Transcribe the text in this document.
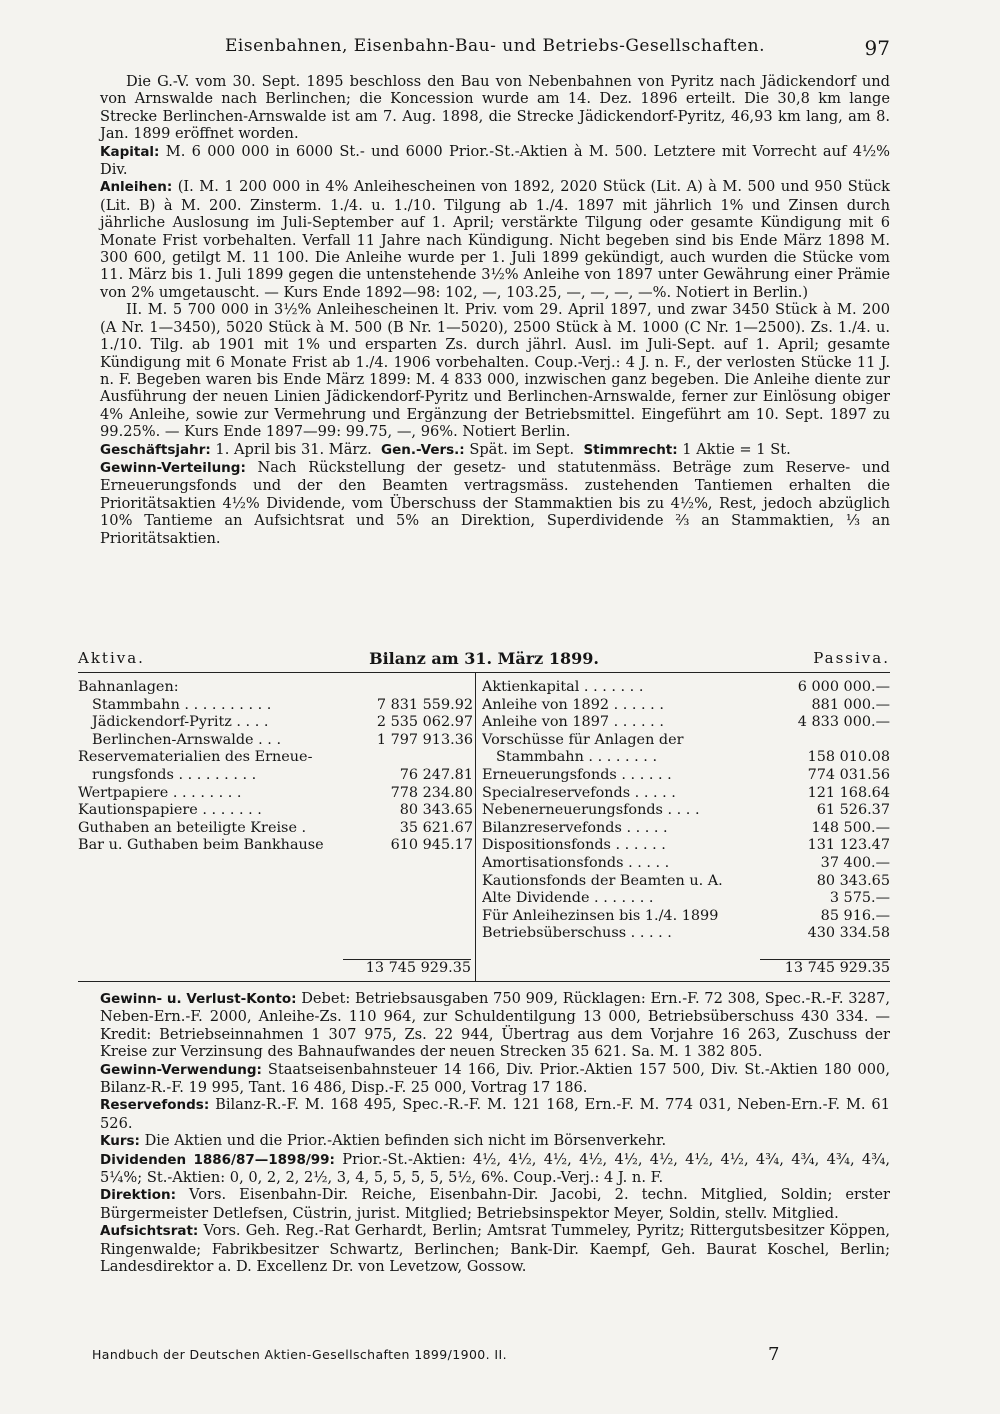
Eisenbahnen, Eisenbahn-Bau- und Betriebs-Gesellschaften.	97

Die G.-V. vom 30. Sept. 1895 beschloss den Bau von Nebenbahnen von Pyritz nach Jädickendorf und von Arnswalde nach Berlinchen; die Koncession wurde am 14. Dez. 1896 erteilt. Die 30,8 km lange Strecke Berlinchen-Arnswalde ist am 7. Aug. 1898, die Strecke Jädickendorf-Pyritz, 46,93 km lang, am 8. Jan. 1899 eröffnet worden.

Kapital: M. 6 000 000 in 6000 St.- und 6000 Prior.-St.-Aktien à M. 500. Letztere mit Vorrecht auf 4½% Div.

Anleihen: (I. M. 1 200 000 in 4% Anleihescheinen von 1892, 2020 Stück (Lit. A) à M. 500 und 950 Stück (Lit. B) à M. 200. Zinsterm. 1./4. u. 1./10. Tilgung ab 1./4. 1897 mit jährlich 1% und Zinsen durch jährliche Auslosung im Juli-September auf 1. April; verstärkte Tilgung oder gesamte Kündigung mit 6 Monate Frist vorbehalten. Verfall 11 Jahre nach Kündigung. Nicht begeben sind bis Ende März 1898 M. 300 600, getilgt M. 11 100. Die Anleihe wurde per 1. Juli 1899 gekündigt, auch wurden die Stücke vom 11. März bis 1. Juli 1899 gegen die untenstehende 3½% Anleihe von 1897 unter Gewährung einer Prämie von 2% umgetauscht. — Kurs Ende 1892—98: 102, —, 103.25, —, —, —, —%. Notiert in Berlin.)

II. M. 5 700 000 in 3½% Anleihescheinen lt. Priv. vom 29. April 1897, und zwar 3450 Stück à M. 200 (A Nr. 1—3450), 5020 Stück à M. 500 (B Nr. 1—5020), 2500 Stück à M. 1000 (C Nr. 1—2500). Zs. 1./4. u. 1./10. Tilg. ab 1901 mit 1% und ersparten Zs. durch jährl. Ausl. im Juli-Sept. auf 1. April; gesamte Kündigung mit 6 Monate Frist ab 1./4. 1906 vorbehalten. Coup.-Verj.: 4 J. n. F., der verlosten Stücke 11 J. n. F. Begeben waren bis Ende März 1899: M. 4 833 000, inzwischen ganz begeben. Die Anleihe diente zur Ausführung der neuen Linien Jädickendorf-Pyritz und Berlinchen-Arnswalde, ferner zur Einlösung obiger 4% Anleihe, sowie zur Vermehrung und Ergänzung der Betriebsmittel. Eingeführt am 10. Sept. 1897 zu 99.25%. — Kurs Ende 1897—99: 99.75, —, 96%. Notiert Berlin.

Geschäftsjahr: 1. April bis 31. März. Gen.-Vers.: Spät. im Sept. Stimmrecht: 1 Aktie = 1 St.

Gewinn-Verteilung: Nach Rückstellung der gesetz- und statutenmäss. Beträge zum Reserve- und Erneuerungsfonds und der den Beamten vertragsmäss. zustehenden Tantiemen erhalten die Prioritätsaktien 4½% Dividende, vom Überschuss der Stammaktien bis zu 4½%, Rest, jedoch abzüglich 10% Tantieme an Aufsichtsrat und 5% an Direktion, Superdividende ⅔ an Stammaktien, ⅓ an Prioritätsaktien.

Bilanz am 31. März 1899.
Aktiva.	Passiva.
Bahnanlagen:
Stammbahn . . . . . . . . . .	7 831 559.92
Jädickendorf-Pyritz . . . .	2 535 062.97
Berlinchen-Arnswalde . . .	1 797 913.36
Reservematerialien des Erneue-
rungsfonds . . . . . . . . .	76 247.81
Wertpapiere . . . . . . . .	778 234.80
Kautionspapiere . . . . . . .	80 343.65
Guthaben an beteiligte Kreise .	35 621.67
Bar u. Guthaben beim Bankhause	610 945.17
Aktienkapital . . . . . . .	6 000 000.—
Anleihe von 1892 . . . . . .	881 000.—
Anleihe von 1897 . . . . . .	4 833 000.—
Vorschüsse für Anlagen der
Stammbahn . . . . . . . .	158 010.08
Erneuerungsfonds . . . . . .	774 031.56
Specialreservefonds . . . . .	121 168.64
Nebenerneuerungsfonds . . . .	61 526.37
Bilanzreservefonds . . . . .	148 500.—
Dispositionsfonds . . . . . .	131 123.47
Amortisationsfonds . . . . .	37 400.—
Kautionsfonds der Beamten u. A.	80 343.65
Alte Dividende . . . . . . .	3 575.—
Für Anleihezinsen bis 1./4. 1899	85 916.—
Betriebsüberschuss . . . . .	430 334.58
13 745 929.35	13 745 929.35

Gewinn- u. Verlust-Konto: Debet: Betriebsausgaben 750 909, Rücklagen: Ern.-F. 72 308, Spec.-R.-F. 3287, Neben-Ern.-F. 2000, Anleihe-Zs. 110 964, zur Schuldentilgung 13 000, Betriebsüberschuss 430 334. — Kredit: Betriebseinnahmen 1 307 975, Zs. 22 944, Übertrag aus dem Vorjahre 16 263, Zuschuss der Kreise zur Verzinsung des Bahnaufwandes der neuen Strecken 35 621. Sa. M. 1 382 805.

Gewinn-Verwendung: Staatseisenbahnsteuer 14 166, Div. Prior.-Aktien 157 500, Div. St.-Aktien 180 000, Bilanz-R.-F. 19 995, Tant. 16 486, Disp.-F. 25 000, Vortrag 17 186.

Reservefonds: Bilanz-R.-F. M. 168 495, Spec.-R.-F. M. 121 168, Ern.-F. M. 774 031, Neben-Ern.-F. M. 61 526.

Kurs: Die Aktien und die Prior.-Aktien befinden sich nicht im Börsenverkehr.

Dividenden 1886/87—1898/99: Prior.-St.-Aktien: 4½, 4½, 4½, 4½, 4½, 4½, 4½, 4½, 4¾, 4¾, 4¾, 4¾, 5¼%; St.-Aktien: 0, 0, 2, 2, 2½, 3, 4, 5, 5, 5, 5, 5½, 6%. Coup.-Verj.: 4 J. n. F.

Direktion: Vors. Eisenbahn-Dir. Reiche, Eisenbahn-Dir. Jacobi, 2. techn. Mitglied, Soldin; erster Bürgermeister Detlefsen, Cüstrin, jurist. Mitglied; Betriebsinspektor Meyer, Soldin, stellv. Mitglied.

Aufsichtsrat: Vors. Geh. Reg.-Rat Gerhardt, Berlin; Amtsrat Tummeley, Pyritz; Rittergutsbesitzer Köppen, Ringenwalde; Fabrikbesitzer Schwartz, Berlinchen; Bank-Dir. Kaempf, Geh. Baurat Koschel, Berlin; Landesdirektor a. D. Excellenz Dr. von Levetzow, Gossow.

Handbuch der Deutschen Aktien-Gesellschaften 1899/1900. II.	7
